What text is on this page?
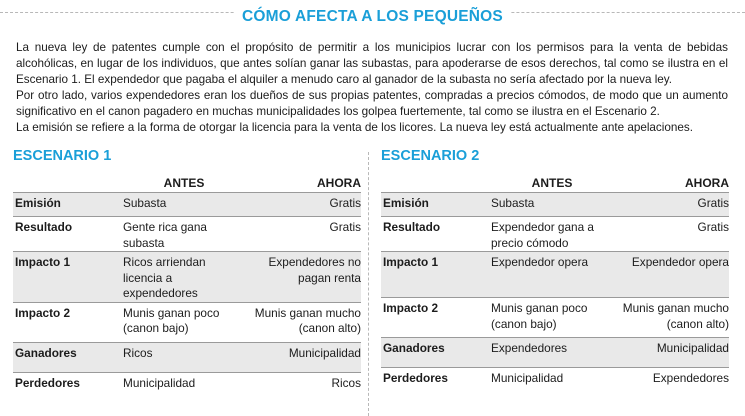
CÓMO AFECTA A LOS PEQUEÑOS

La nueva ley de patentes cumple con el propósito de permitir a los municipios lucrar con los permisos para la venta de bebidas alcohólicas, en lugar de los individuos, que antes solían ganar las subastas, para apoderarse de esos derechos, tal como se ilustra en el Escenario 1. El expendedor que pagaba el alquiler a menudo caro al ganador de la subasta no sería afectado por la nueva ley.

Por otro lado, varios expendedores eran los dueños de sus propias patentes, compradas a precios cómodos, de modo que un aumento significativo en el canon pagadero en muchas municipalidades los golpea fuertemente, tal como se ilustra en el Escenario 2.

La emisión se refiere a la forma de otorgar la licencia para la venta de los licores. La nueva ley está actualmente ante apelaciones.

ESCENARIO 1
	ANTES	AHORA

Emisión	Subasta	Gratis

Resultado	Gente rica gana subasta	Gratis

Impacto 1	Ricos arriendan licencia a expendedores	Expendedores no pagan renta

Impacto 2	Munis ganan poco (canon bajo)	Munis ganan mucho (canon alto)

Ganadores	Ricos	Municipalidad

Perdedores	Municipalidad	Ricos
ESCENARIO 2
	ANTES	AHORA

Emisión	Subasta	Gratis

Resultado	Expendedor gana a precio cómodo	Gratis

Impacto 1	Expendedor opera	Expendedor opera

Impacto 2	Munis ganan poco (canon bajo)	Munis ganan mucho (canon alto)

Ganadores	Expendedores	Municipalidad

Perdedores	Municipalidad	Expendedores
